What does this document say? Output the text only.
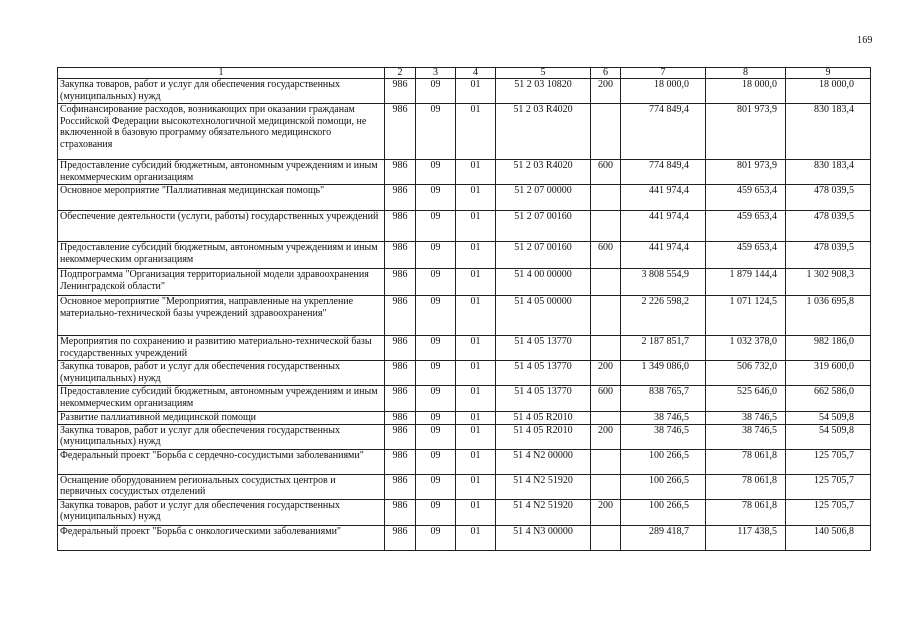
169
1	2	3	4	5	6	7	8	9
Закупка товаров, работ и услуг для обеспечения государственных (муниципальных) нужд	986	09	01	51 2 03 10820	200	18 000,0	18 000,0	18 000,0
Софинансирование расходов, возникающих при оказании гражданам Российской Федерации высокотехнологичной медицинской помощи, не включенной в базовую программу обязательного медицинского страхования	986	09	01	51 2 03 R4020		774 849,4	801 973,9	830 183,4
Предоставление субсидий бюджетным, автономным учреждениям и иным некоммерческим организациям	986	09	01	51 2 03 R4020	600	774 849,4	801 973,9	830 183,4
Основное мероприятие "Паллиативная медицинская помощь"	986	09	01	51 2 07 00000		441 974,4	459 653,4	478 039,5
Обеспечение деятельности (услуги, работы) государственных учреждений	986	09	01	51 2 07 00160		441 974,4	459 653,4	478 039,5
Предоставление субсидий бюджетным, автономным учреждениям и иным некоммерческим организациям	986	09	01	51 2 07 00160	600	441 974,4	459 653,4	478 039,5
Подпрограмма "Организация территориальной модели здравоохранения Ленинградской области"	986	09	01	51 4 00 00000		3 808 554,9	1 879 144,4	1 302 908,3
Основное мероприятие "Мероприятия, направленные на укрепление материально-технической базы учреждений здравоохранения"	986	09	01	51 4 05 00000		2 226 598,2	1 071 124,5	1 036 695,8
Мероприятия по сохранению и развитию материально-технической базы государственных учреждений	986	09	01	51 4 05 13770		2 187 851,7	1 032 378,0	982 186,0
Закупка товаров, работ и услуг для обеспечения государственных (муниципальных) нужд	986	09	01	51 4 05 13770	200	1 349 086,0	506 732,0	319 600,0
Предоставление субсидий бюджетным, автономным учреждениям и иным некоммерческим организациям	986	09	01	51 4 05 13770	600	838 765,7	525 646,0	662 586,0
Развитие паллиативной медицинской помощи	986	09	01	51 4 05 R2010		38 746,5	38 746,5	54 509,8
Закупка товаров, работ и услуг для обеспечения государственных (муниципальных) нужд	986	09	01	51 4 05 R2010	200	38 746,5	38 746,5	54 509,8
Федеральный проект "Борьба с сердечно-сосудистыми заболеваниями"	986	09	01	51 4 N2 00000		100 266,5	78 061,8	125 705,7
Оснащение оборудованием региональных сосудистых центров и первичных сосудистых отделений	986	09	01	51 4 N2 51920		100 266,5	78 061,8	125 705,7
Закупка товаров, работ и услуг для обеспечения государственных (муниципальных) нужд	986	09	01	51 4 N2 51920	200	100 266,5	78 061,8	125 705,7
Федеральный проект "Борьба с онкологическими заболеваниями"	986	09	01	51 4 N3 00000		289 418,7	117 438,5	140 506,8
